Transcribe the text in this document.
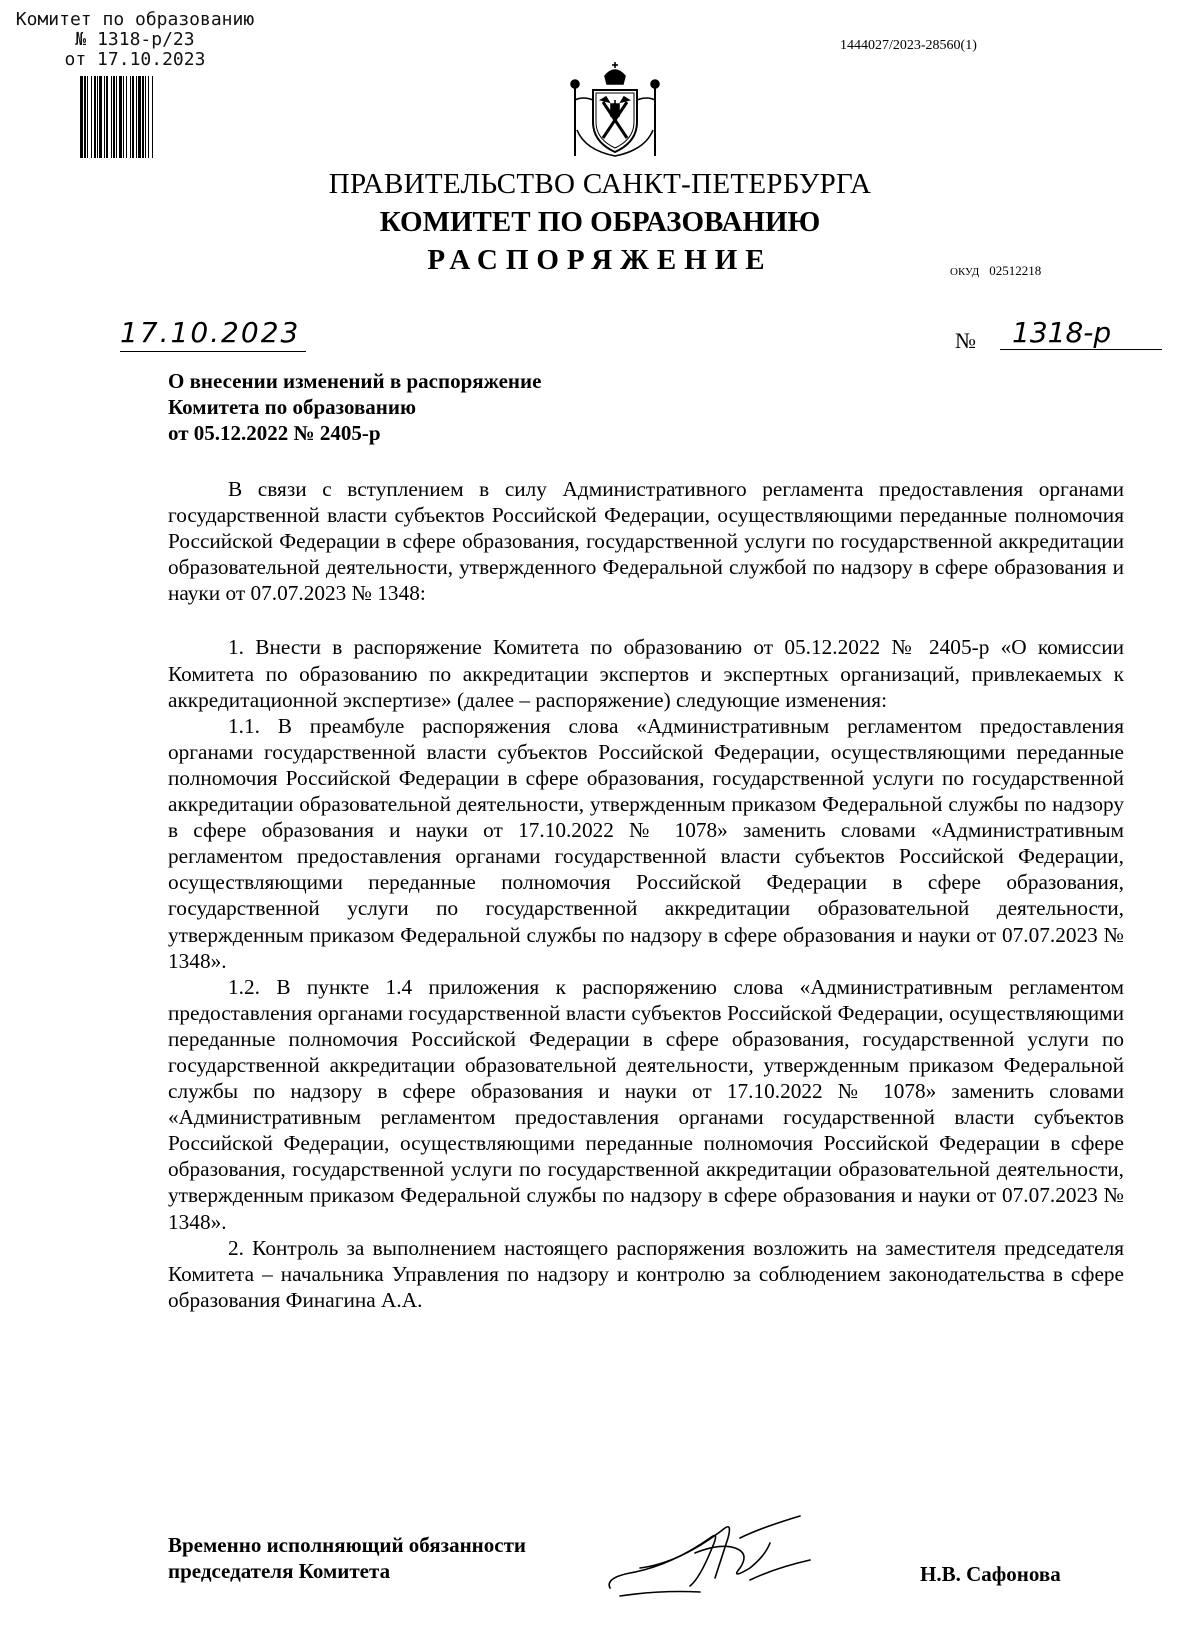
Комитет по образованию
№ 1318-р/23
от 17.10.2023
1444027/2023-28560(1)
ПРАВИТЕЛЬСТВО САНКТ-ПЕТЕРБУРГА
КОМИТЕТ ПО ОБРАЗОВАНИЮ
РАСПОРЯЖЕНИЕ	ОКУД 02512218
17.10.2023	№	1318-р
О внесении изменений в распоряжение
Комитета по образованию
от 05.12.2022 № 2405-р

В связи с вступлением в силу Административного регламента предоставления органами государственной власти субъектов Российской Федерации, осуществляющими переданные полномочия Российской Федерации в сфере образования, государственной услуги по государственной аккредитации образовательной деятельности, утвержденного Федеральной службой по надзору в сфере образования и науки от 07.07.2023 № 1348:

1. Внести в распоряжение Комитета по образованию от 05.12.2022 № 2405-р «О комиссии Комитета по образованию по аккредитации экспертов и экспертных организаций, привлекаемых к аккредитационной экспертизе» (далее – распоряжение) следующие изменения:

1.1. В преамбуле распоряжения слова «Административным регламентом предоставления органами государственной власти субъектов Российской Федерации, осуществляющими переданные полномочия Российской Федерации в сфере образования, государственной услуги по государственной аккредитации образовательной деятельности, утвержденным приказом Федеральной службы по надзору в сфере образования и науки от 17.10.2022 № 1078» заменить словами «Административным регламентом предоставления органами государственной власти субъектов Российской Федерации, осуществляющими переданные полномочия Российской Федерации в сфере образования, государственной услуги по государственной аккредитации образовательной деятельности, утвержденным приказом Федеральной службы по надзору в сфере образования и науки от 07.07.2023 № 1348».

1.2. В пункте 1.4 приложения к распоряжению слова «Административным регламентом предоставления органами государственной власти субъектов Российской Федерации, осуществляющими переданные полномочия Российской Федерации в сфере образования, государственной услуги по государственной аккредитации образовательной деятельности, утвержденным приказом Федеральной службы по надзору в сфере образования и науки от 17.10.2022 № 1078» заменить словами «Административным регламентом предоставления органами государственной власти субъектов Российской Федерации, осуществляющими переданные полномочия Российской Федерации в сфере образования, государственной услуги по государственной аккредитации образовательной деятельности, утвержденным приказом Федеральной службы по надзору в сфере образования и науки от 07.07.2023 № 1348».

2. Контроль за выполнением настоящего распоряжения возложить на заместителя председателя Комитета – начальника Управления по надзору и контролю за соблюдением законодательства в сфере образования Финагина А.А.

Временно исполняющий обязанности
председателя Комитета	Н.В. Сафонова
